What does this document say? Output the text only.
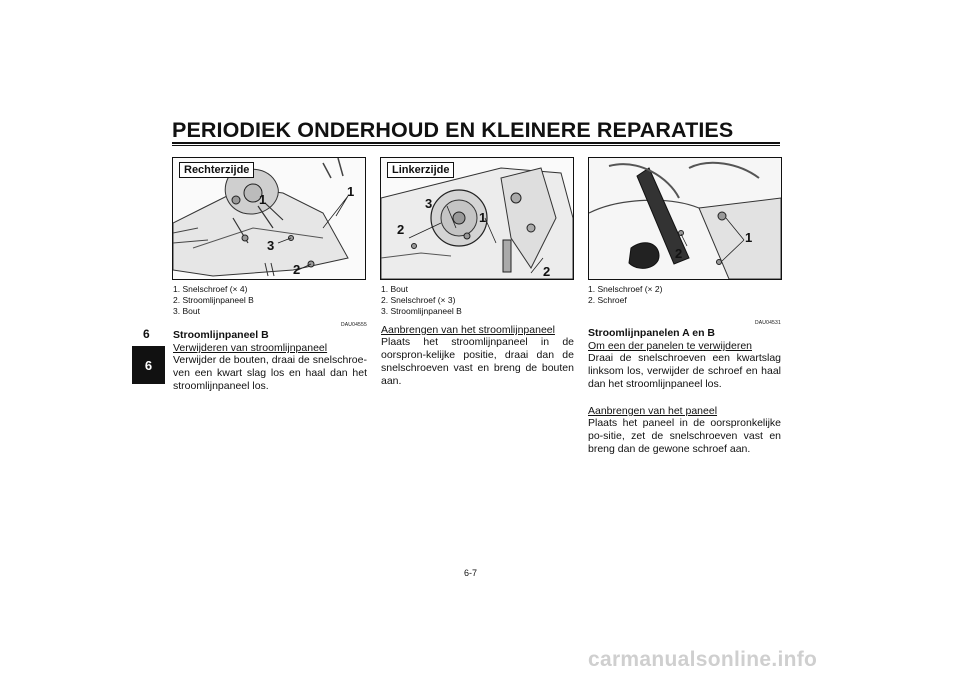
PERIODIEK ONDERHOUD EN KLEINERE REPARATIES
6
6
Rechterzijde
1
1
3
2
Linkerzijde
3
1
2
2
1
2
1. Snelschroef (× 4)
2. Stroomlijnpaneel B
3. Bout
DAU04555
Stroomlijnpaneel B
Verwijderen van stroomlijnpaneel

Verwijder de bouten, draai de snelschroe-ven een kwart slag los en haal dan het stroomlijnpaneel los.

1. Bout
2. Snelschroef (× 3)
3. Stroomlijnpaneel B
Aanbrengen van het stroomlijnpaneel

Plaats het stroomlijnpaneel in de oorspron-kelijke positie, draai dan de snelschroeven vast en breng de bouten aan.

1. Snelschroef (× 2)
2. Schroef
DAU04531
Stroomlijnpanelen A en B
Om een der panelen te verwijderen

Draai de snelschroeven een kwartslag linksom los, verwijder de schroef en haal dan het stroomlijnpaneel los.

Aanbrengen van het paneel

Plaats het paneel in de oorspronkelijke po-sitie, zet de snelschroeven vast en breng dan de gewone schroef aan.

6-7
carmanualsonline.info
